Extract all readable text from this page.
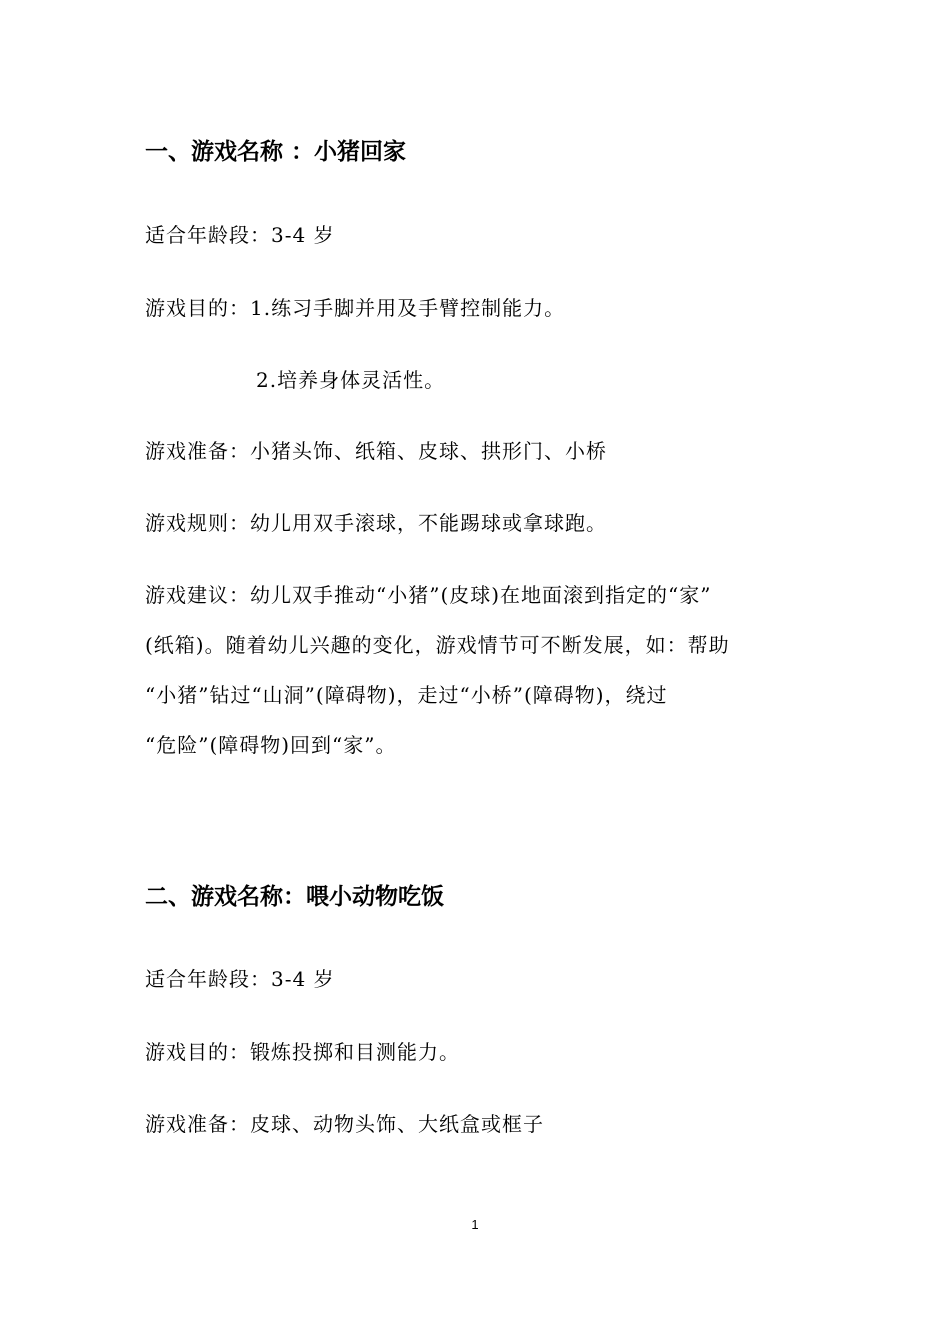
一、游戏名称 ：小猪回家

适合年龄段：3-4 岁

游戏目的：1.练习手脚并用及手臂控制能力。

2.培养身体灵活性。

游戏准备：小猪头饰、纸箱、皮球、拱形门、小桥

游戏规则：幼儿用双手滚球，不能踢球或拿球跑。

游戏建议：幼儿双手推动“小猪”(皮球)在地面滚到指定的“家”

(纸箱)。随着幼儿兴趣的变化，游戏情节可不断发展，如：帮助

“小猪”钻过“山洞”(障碍物)，走过“小桥”(障碍物)，绕过

“危险”(障碍物)回到“家”。

二、游戏名称：喂小动物吃饭

适合年龄段：3-4 岁

游戏目的：锻炼投掷和目测能力。

游戏准备：皮球、动物头饰、大纸盒或框子

1
